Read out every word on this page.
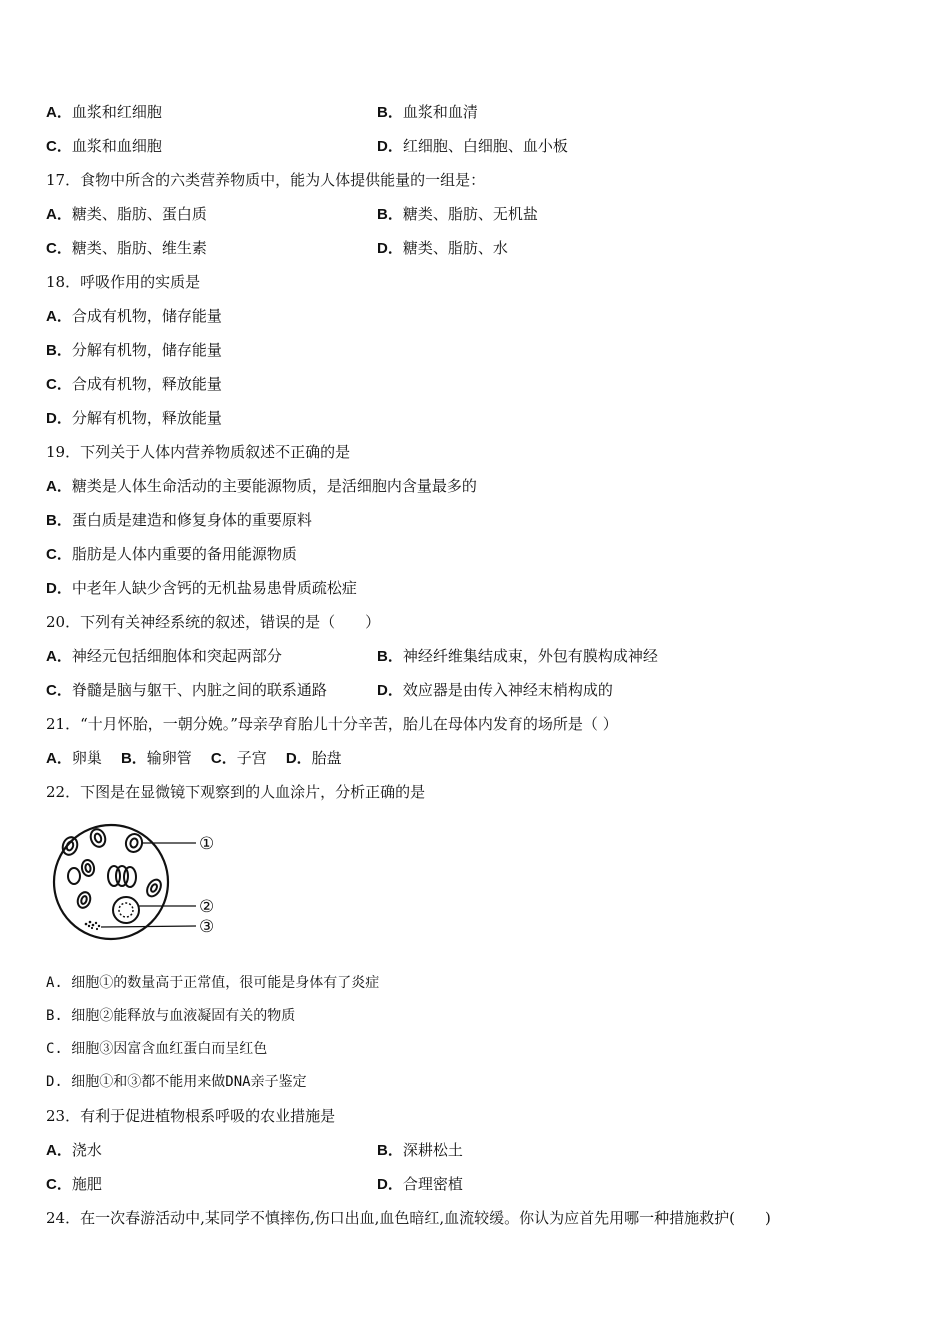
A．血浆和红细胞	B．血浆和血清
C．血浆和血细胞	D．红细胞、白细胞、血小板
17．食物中所含的六类营养物质中，能为人体提供能量的一组是：
A．糖类、脂肪、蛋白质	B．糖类、脂肪、无机盐
C．糖类、脂肪、维生素	D．糖类、脂肪、水
18．呼吸作用的实质是
A．合成有机物，储存能量
B．分解有机物，储存能量
C．合成有机物，释放能量
D．分解有机物，释放能量
19．下列关于人体内营养物质叙述不正确的是
A．糖类是人体生命活动的主要能源物质，是活细胞内含量最多的
B．蛋白质是建造和修复身体的重要原料
C．脂肪是人体内重要的备用能源物质
D．中老年人缺少含钙的无机盐易患骨质疏松症
20．下列有关神经系统的叙述，错误的是（　　）
A．神经元包括细胞体和突起两部分	B．神经纤维集结成束，外包有膜构成神经
C．脊髓是脑与躯干、内脏之间的联系通路	D．效应器是由传入神经末梢构成的
21．“十月怀胎，一朝分娩。”母亲孕育胎儿十分辛苦，胎儿在母体内发育的场所是（ ）
A．卵巢 B．输卵管 C．子宫 D．胎盘
22．下图是在显微镜下观察到的人血涂片，分析正确的是
①
②
③
A. 细胞①的数量高于正常值，很可能是身体有了炎症
B. 细胞②能释放与血液凝固有关的物质
C. 细胞③因富含血红蛋白而呈红色
D. 细胞①和③都不能用来做DNA亲子鉴定
23．有利于促进植物根系呼吸的农业措施是
A．浇水	B．深耕松土
C．施肥	D．合理密植
24．在一次春游活动中,某同学不慎摔伤,伤口出血,血色暗红,血流较缓。你认为应首先用哪一种措施救护(　　)
